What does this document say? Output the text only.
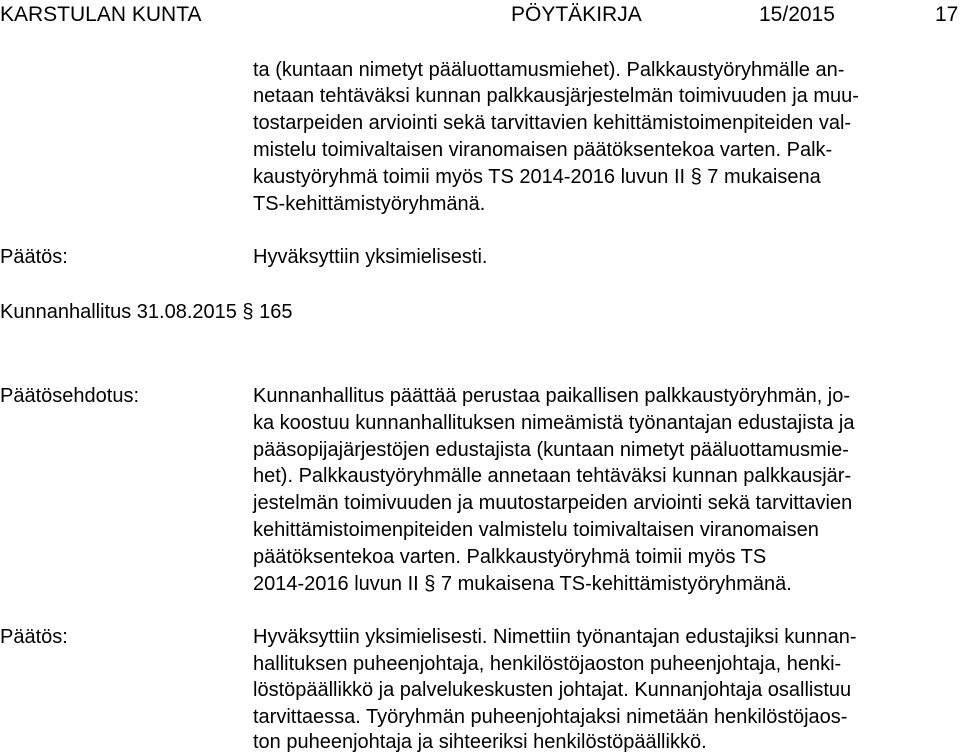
KARSTULAN KUNTA	PÖYTÄKIRJA	15/2015	17
ta (kuntaan nimetyt pääluottamusmiehet). Palkkaustyöryhmälle an-
netaan tehtäväksi kunnan palkkausjärjestelmän toimivuuden ja muu-
tostarpeiden arviointi sekä tarvittavien kehittämistoimenpiteiden val-
mistelu toimivaltaisen viranomaisen päätöksentekoa varten. Palk-
kaustyöryhmä toimii myös TS 2014-2016 luvun II § 7 mukaisena
TS-kehittämistyöryhmänä.
Päätös:	Hyväksyttiin yksimielisesti.
Kunnanhallitus 31.08.2015 § 165
Päätösehdotus:	Kunnanhallitus päättää perustaa paikallisen palkkaustyöryhmän, jo-
ka koostuu kunnanhallituksen nimeämistä työnantajan edustajista ja
pääsopijajärjestöjen edustajista (kuntaan nimetyt pääluottamusmie-
het). Palkkaustyöryhmälle annetaan tehtäväksi kunnan palkkausjär-
jestelmän toimivuuden ja muutostarpeiden arviointi sekä tarvittavien
kehittämistoimenpiteiden valmistelu toimivaltaisen viranomaisen
päätöksentekoa varten. Palkkaustyöryhmä toimii myös TS
2014-2016 luvun II § 7 mukaisena TS-kehittämistyöryhmänä.
Päätös:	Hyväksyttiin yksimielisesti. Nimettiin työnantajan edustajiksi kunnan-
hallituksen puheenjohtaja, henkilöstöjaoston puheenjohtaja, henki-
löstöpäällikkö ja palvelukeskusten johtajat. Kunnanjohtaja osallistuu
tarvittaessa. Työryhmän puheenjohtajaksi nimetään henkilöstöjaos-
ton puheenjohtaja ja sihteeriksi henkilöstöpäällikkö.
